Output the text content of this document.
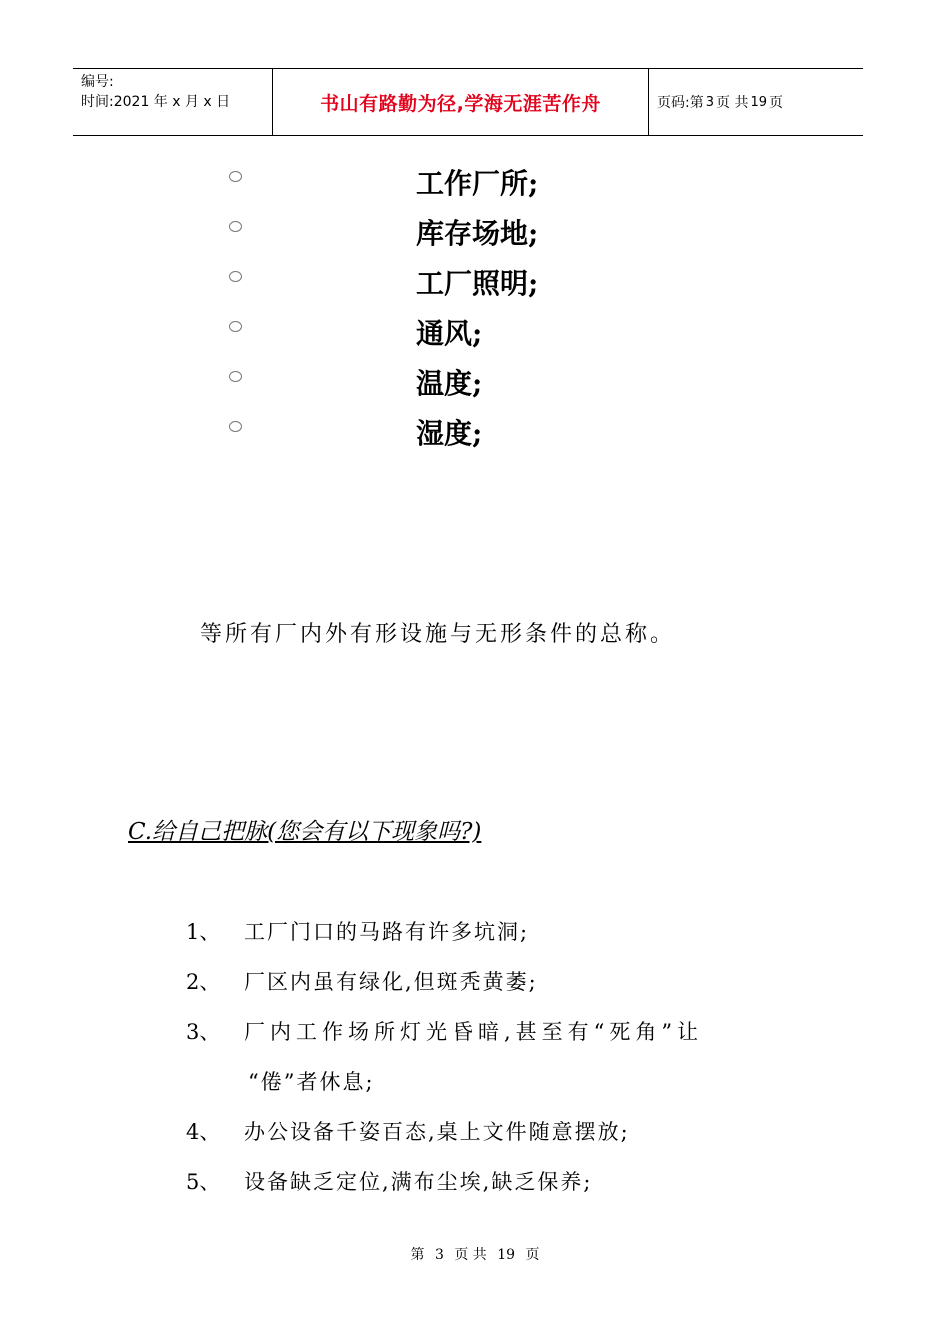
编号:
时间:2021 年 x 月 x 日	书山有路勤为径,学海无涯苦作舟	页码:第 3 页 共 19 页
工作厂所;
库存场地;
工厂照明;
通风;
温度;
湿度;
等所有厂内外有形设施与无形条件的总称。
C.给自己把脉(您会有以下现象吗?)
1、 工厂门口的马路有许多坑洞;
2、 厂区内虽有绿化,但斑秃黄萎;
3、 厂内工作场所灯光昏暗,甚至有“死角”让
“倦”者休息;
4、 办公设备千姿百态,桌上文件随意摆放;
5、 设备缺乏定位,满布尘埃,缺乏保养;
第 3 页 共 19 页
